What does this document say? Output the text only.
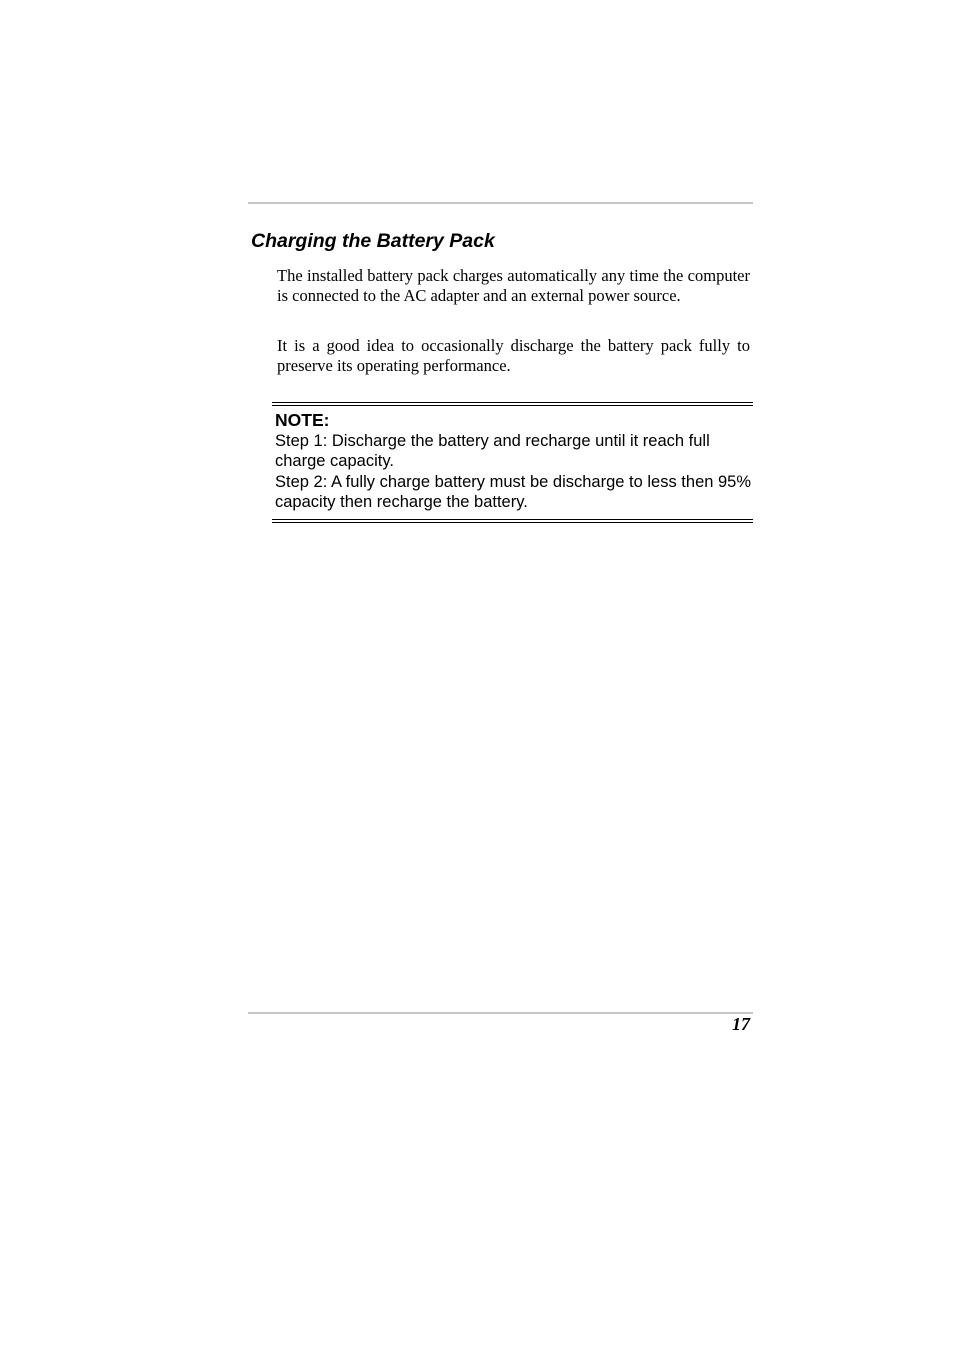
Charging the Battery Pack

The installed battery pack charges automatically any time the computer is connected to the AC adapter and an external power source.

It is a good idea to occasionally discharge the battery pack fully to preserve its operating performance.

NOTE:
Step 1: Discharge the battery and recharge until it reach full charge capacity.
Step 2: A fully charge battery must be discharge to less then 95% capacity then recharge the battery.
17
